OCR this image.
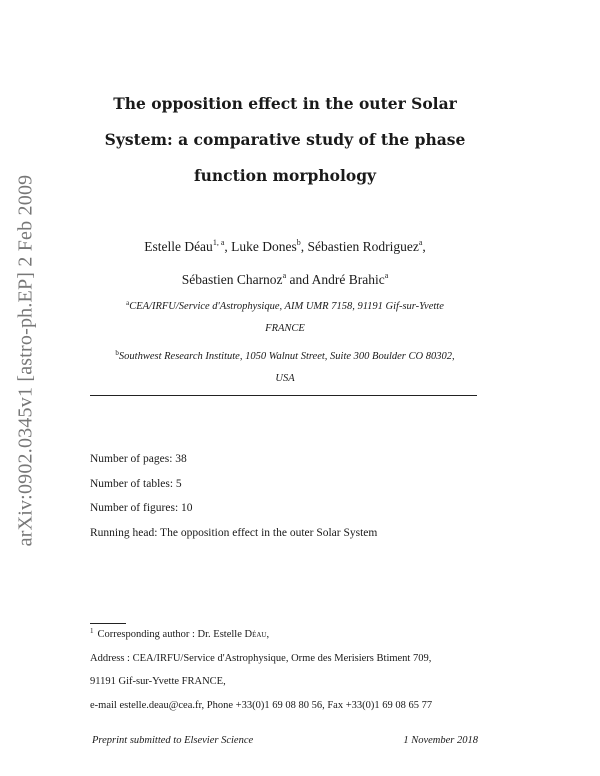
arXiv:0902.0345v1 [astro-ph.EP] 2 Feb 2009
The opposition effect in the outer Solar
System: a comparative study of the phase
function morphology
Estelle Déau$^{1, a}$, Luke Dones$^b$, Sébastien Rodriguez$^a$,
Sébastien Charnoz$^a$ and André Brahic$^a$
$^a$CEA/IRFU/Service d'Astrophysique, AIM UMR 7158, 91191 Gif-sur-Yvette
FRANCE
$^b$Southwest Research Institute, 1050 Walnut Street, Suite 300 Boulder CO 80302,
USA
Number of pages: 38
Number of tables: 5
Number of figures: 10
Running head: The opposition effect in the outer Solar System
$^1$ Corresponding author : Dr. Estelle Déau,
Address : CEA/IRFU/Service d'Astrophysique, Orme des Merisiers Btiment 709,
91191 Gif-sur-Yvette FRANCE,
e-mail estelle.deau@cea.fr, Phone +33(0)1 69 08 80 56, Fax +33(0)1 69 08 65 77
Preprint submitted to Elsevier Science	1 November 2018
